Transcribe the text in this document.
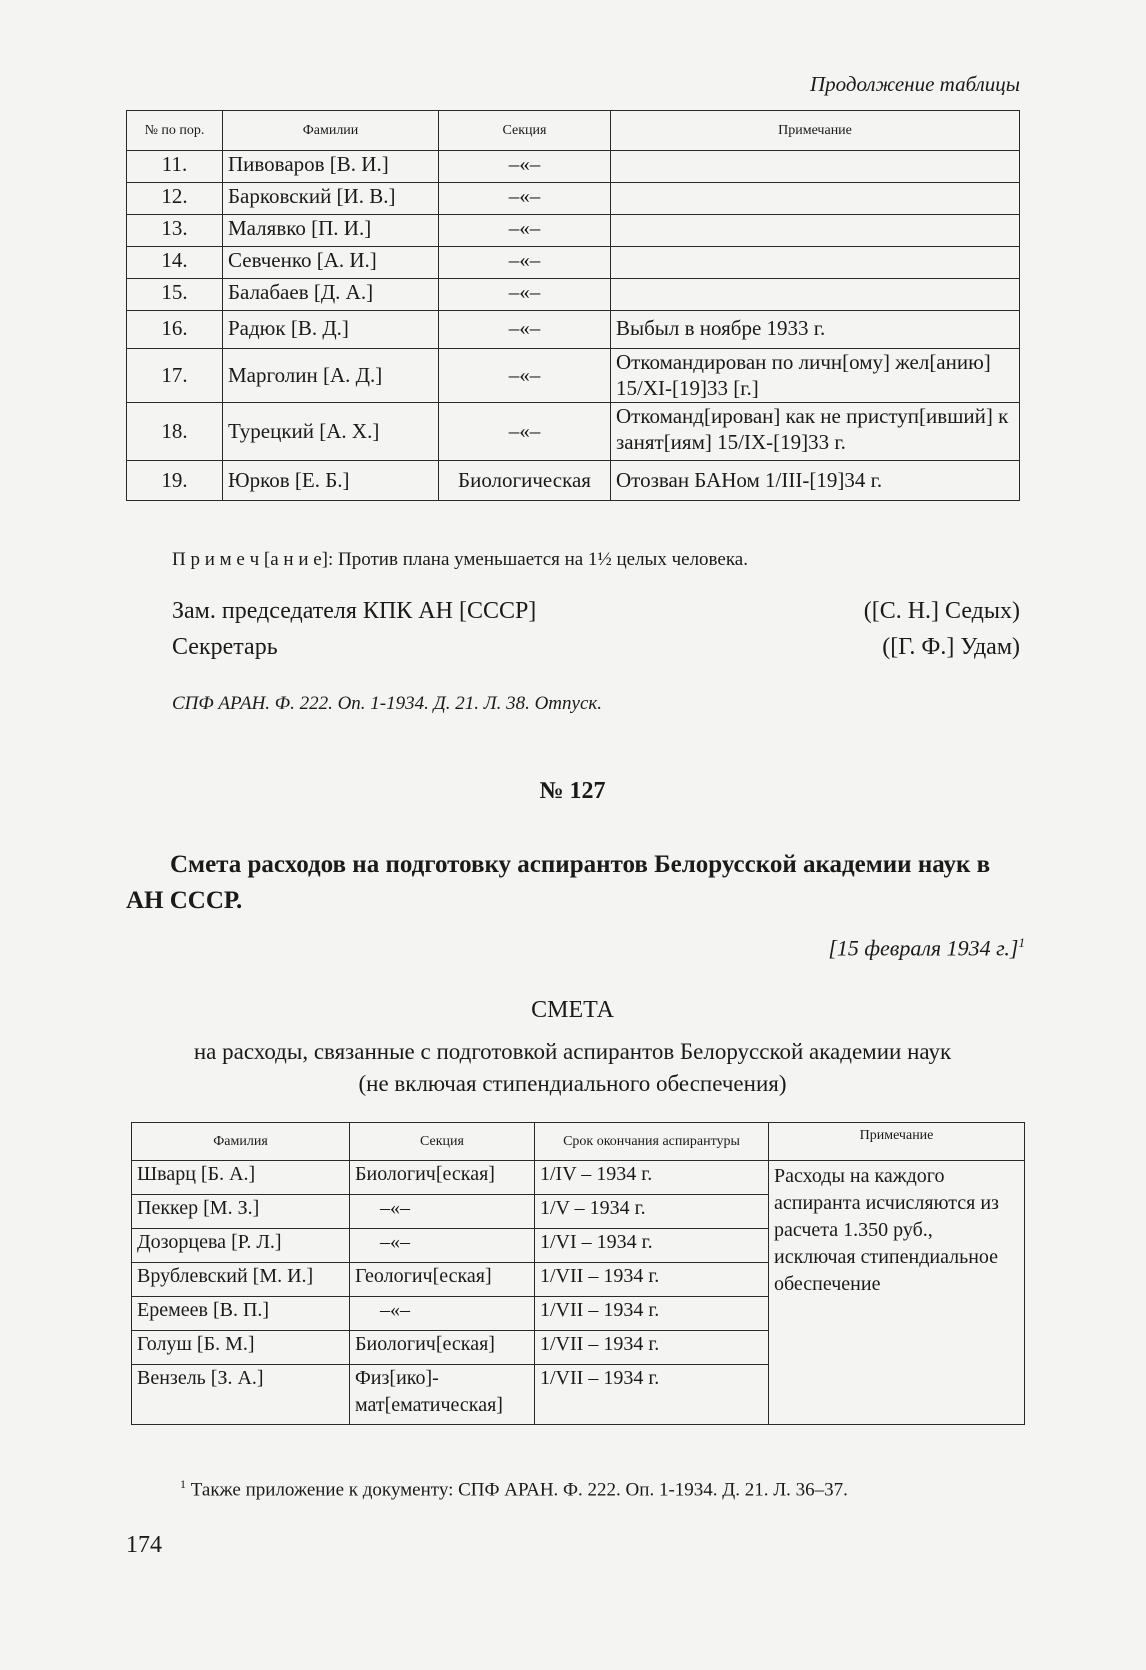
Продолжение таблицы
№ по пор.	Фамилии	Секция	Примечание
11.	Пивоваров [В. И.]	–«–	
12.	Барковский [И. В.]	–«–	
13.	Малявко [П. И.]	–«–	
14.	Севченко [А. И.]	–«–	
15.	Балабаев [Д. А.]	–«–	
16.	Радюк [В. Д.]	–«–	Выбыл в ноябре 1933 г.
17.	Марголин [А. Д.]	–«–	Откомандирован по личн[ому] жел[анию] 15/XI-[19]33 [г.]
18.	Турецкий [А. Х.]	–«–	Откоманд[ирован] как не приступ[ивший] к занят[иям] 15/IX-[19]33 г.
19.	Юрков [Е. Б.]	Биологическая	Отозван БАНом 1/III-[19]34 г.
П р и м е ч [а н и е]: Против плана уменьшается на 1½ целых человека.
Зам. председателя КПК АН [СССР]	([С. Н.] Седых)
Секретарь	([Г. Ф.] Удам)
СПФ АРАН. Ф. 222. Оп. 1-1934. Д. 21. Л. 38. Отпуск.
№ 127
Смета расходов на подготовку аспирантов Белорусской академии наук в АН СССР.
[15 февраля 1934 г.]$^1$
СМЕТА
на расходы, связанные с подготовкой аспирантов Белорусской академии наук
(не включая стипендиального обеспечения)
Фамилия	Секция	Срок окончания аспирантуры	Примечание
Шварц [Б. А.]	Биологич[еская]	1/IV – 1934 г.	Расходы на каждого аспиранта исчисляются из расчета 1.350 руб., исключая стипендиальное обеспечение
Пеккер [М. З.]	–«–	1/V – 1934 г.	
Дозорцева [Р. Л.]	–«–	1/VI – 1934 г.	
Врублевский [М. И.]	Геологич[еская]	1/VII – 1934 г.	
Еремеев [В. П.]	–«–	1/VII – 1934 г.	
Голуш [Б. М.]	Биологич[еская]	1/VII – 1934 г.	
Вензель [З. А.]	Физ[ико]-мат[ематическая]	1/VII – 1934 г.	
$^1$ Также приложение к документу: СПФ АРАН. Ф. 222. Оп. 1-1934. Д. 21. Л. 36–37.
174
